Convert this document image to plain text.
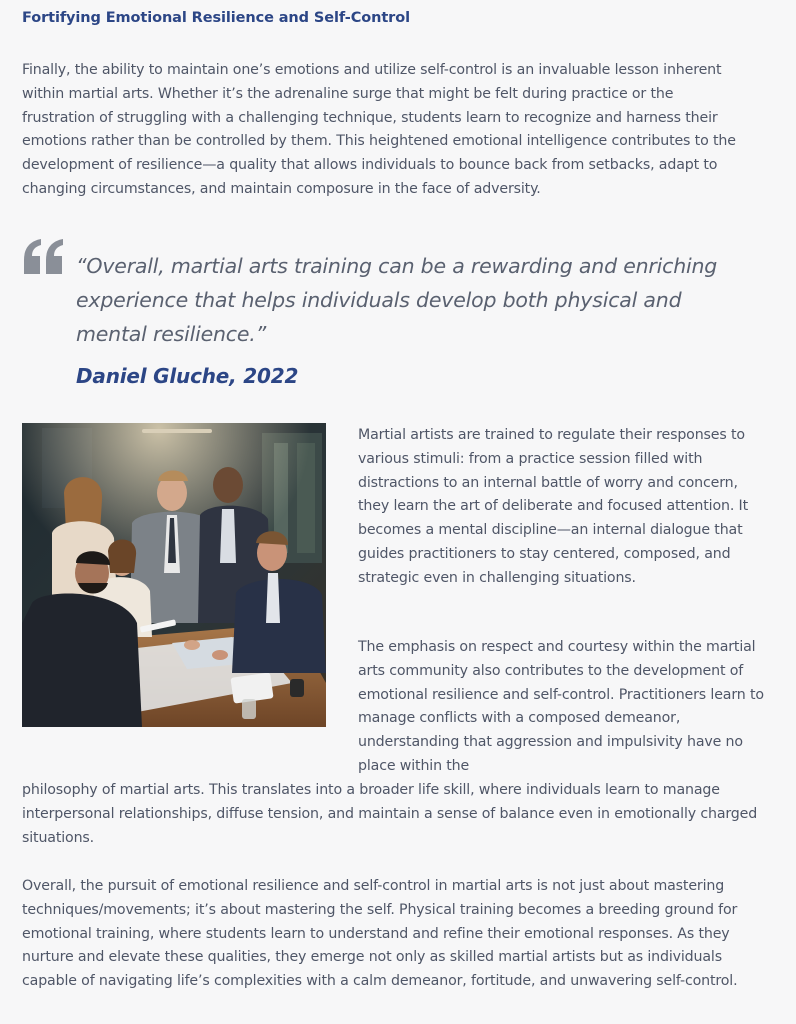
Fortifying Emotional Resilience and Self-Control

Finally, the ability to maintain one’s emotions and utilize self-control is an invaluable lesson inherent within martial arts. Whether it’s the adrenaline surge that might be felt during practice or the frustration of struggling with a challenging technique, students learn to recognize and harness their emotions rather than be controlled by them. This heightened emotional intelligence contributes to the development of resilience—a quality that allows individuals to bounce back from setbacks, adapt to changing circumstances, and maintain composure in the face of adversity.

“Overall, martial arts training can be a rewarding and enriching experience that helps individuals develop both physical and mental resilience.”

Daniel Gluche, 2022

Martial artists are trained to regulate their responses to various stimuli: from a practice session filled with distractions to an internal battle of worry and concern, they learn the art of deliberate and focused attention. It becomes a mental discipline—an internal dialogue that guides practitioners to stay centered, composed, and strategic even in challenging situations.

The emphasis on respect and courtesy within the martial arts community also contributes to the development of emotional resilience and self-control. Practitioners learn to manage conflicts with a composed demeanor, understanding that aggression and impulsivity have no place within the

philosophy of martial arts. This translates into a broader life skill, where individuals learn to manage interpersonal relationships, diffuse tension, and maintain a sense of balance even in emotionally charged situations.

Overall, the pursuit of emotional resilience and self-control in martial arts is not just about mastering techniques/movements; it’s about mastering the self. Physical training becomes a breeding ground for emotional training, where students learn to understand and refine their emotional responses. As they nurture and elevate these qualities, they emerge not only as skilled martial artists but as individuals capable of navigating life’s complexities with a calm demeanor, fortitude, and unwavering self-control.
